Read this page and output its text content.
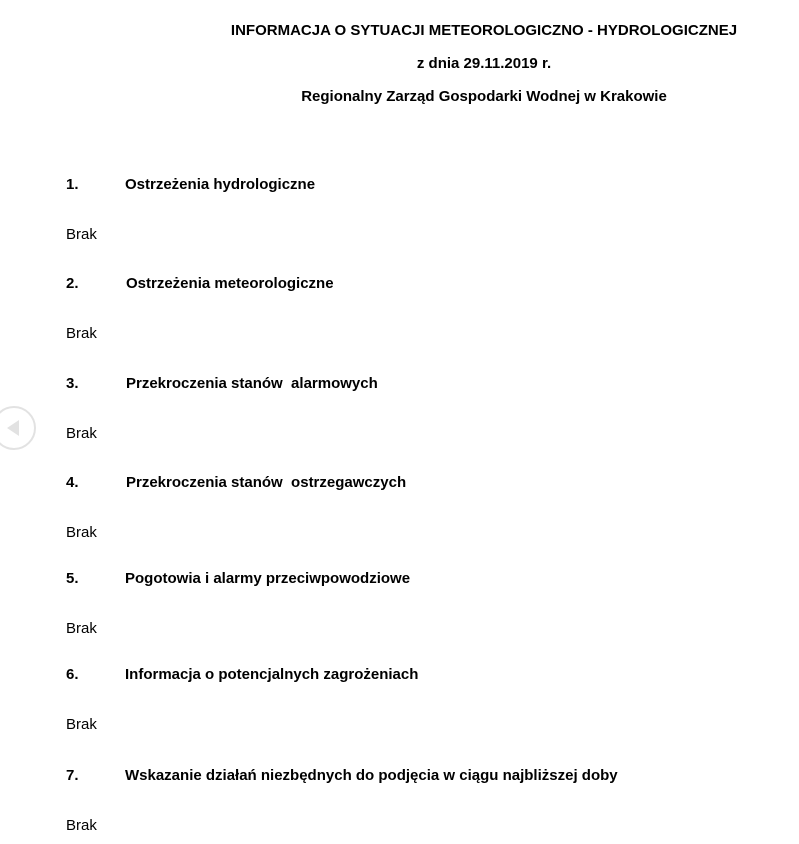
INFORMACJA O SYTUACJI METEOROLOGICZNO - HYDROLOGICZNEJ
z dnia 29.11.2019 r.
Regionalny Zarząd Gospodarki Wodnej w Krakowie
1.	Ostrzeżenia hydrologiczne
Brak
2.	Ostrzeżenia meteorologiczne
Brak
3.	Przekroczenia stanów  alarmowych
Brak
4.	Przekroczenia stanów  ostrzegawczych
Brak
5.	Pogotowia i alarmy przeciwpowodziowe
Brak
6.	Informacja o potencjalnych zagrożeniach
Brak
7.	Wskazanie działań niezbędnych do podjęcia w ciągu najbliższej doby
Brak
